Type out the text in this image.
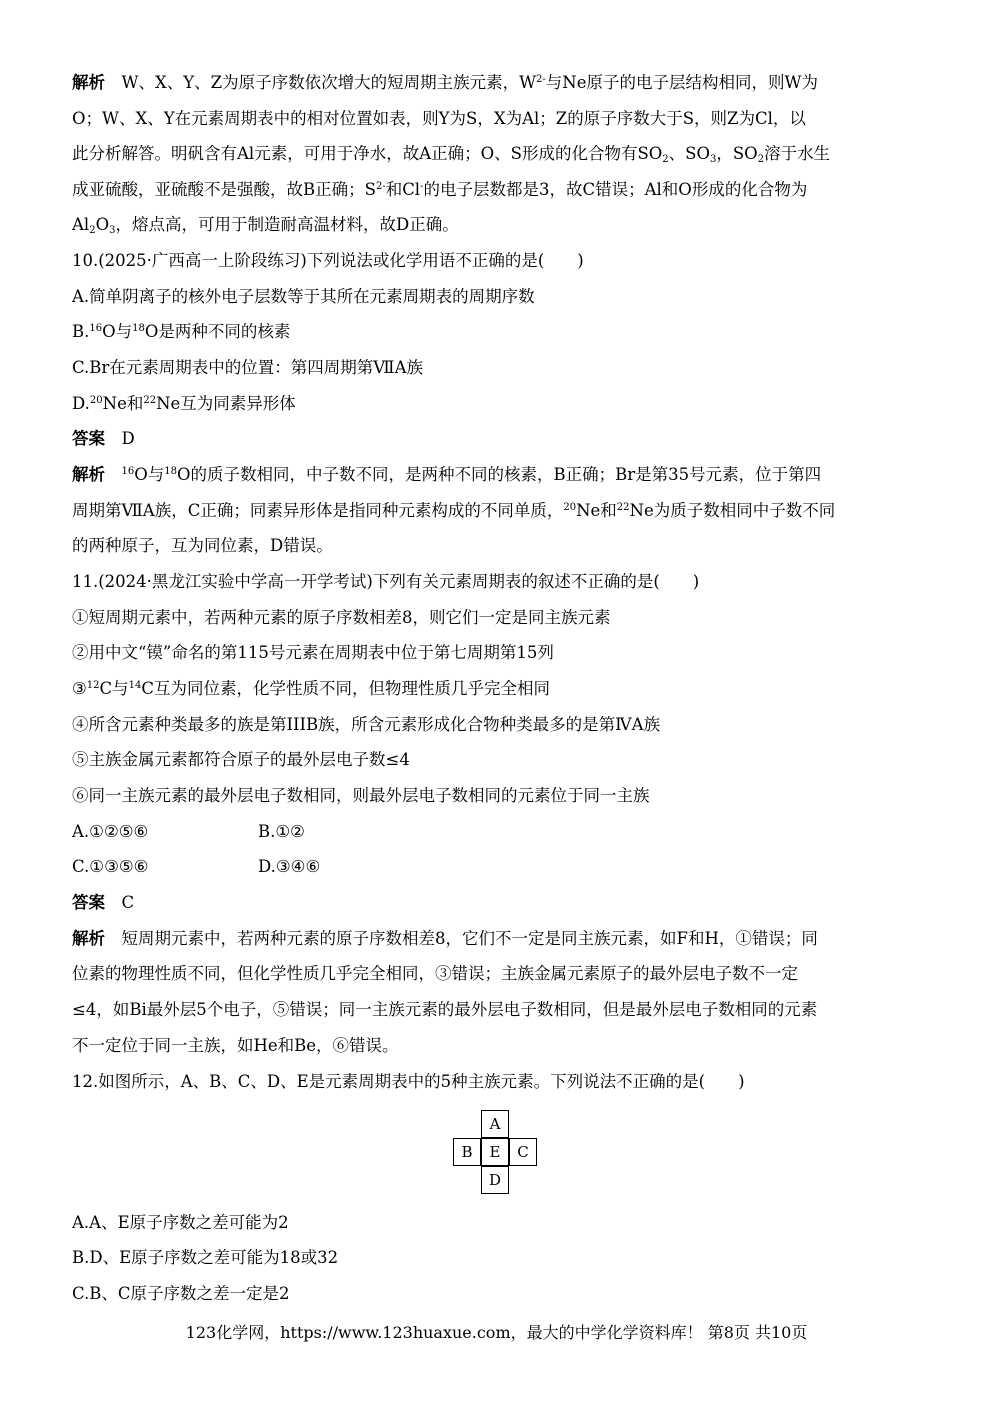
解析　 W、X、Y、Z为原子序数依次增大的短周期主族元素，$W^{2-}$与Ne原子的电子层结构相同，则W为
O；W、X、Y在元素周期表中的相对位置如表，则Y为S，X为Al；Z的原子序数大于S，则Z为Cl，以
此分析解答。明矾含有Al元素，可用于净水，故A正确；O、S形成的化合物有$SO_2$、$SO_3$，$SO_2$溶于水生
成亚硫酸，亚硫酸不是强酸，故B正确；$S^{2-}$和Cl-的电子层数都是3，故C错误；Al和O形成的化合物为
$Al_2O_3$，熔点高，可用于制造耐高温材料，故D正确。
10.(2025·广西高一上阶段练习)下列说法或化学用语不正确的是(　　)
A.简单阴离子的核外电子层数等于其所在元素周期表的周期序数
B.$^{16}$O与$^{18}$O是两种不同的核素
C.Br在元素周期表中的位置：第四周期第ⅦA族
D.$^{20}$Ne和$^{22}$Ne互为同素异形体
答案　 D
解析　 $^{16}$O与$^{18}$O的质子数相同，中子数不同，是两种不同的核素，B正确；Br是第35号元素，位于第四
周期第ⅦA族，C正确；同素异形体是指同种元素构成的不同单质，$^{20}$Ne和$^{22}$Ne为质子数相同中子数不同
的两种原子，互为同位素，D错误。
11.(2024·黑龙江实验中学高一开学考试)下列有关元素周期表的叙述不正确的是(　　)
①短周期元素中，若两种元素的原子序数相差8，则它们一定是同主族元素
②用中文“镆”命名的第115号元素在周期表中位于第七周期第15列
③$^{12}$C与$^{14}$C互为同位素，化学性质不同，但物理性质几乎完全相同
④所含元素种类最多的族是第IIIB族，所含元素形成化合物种类最多的是第ⅣA族
⑤主族金属元素都符合原子的最外层电子数≤4
⑥同一主族元素的最外层电子数相同，则最外层电子数相同的元素位于同一主族
A.①②⑤⑥	B.①②
C.①③⑤⑥	D.③④⑥
答案　 C
解析　 短周期元素中，若两种元素的原子序数相差8，它们不一定是同主族元素，如F和H，①错误；同
位素的物理性质不同，但化学性质几乎完全相同，③错误；主族金属元素原子的最外层电子数不一定
≤4，如Bi最外层5个电子，⑤错误；同一主族元素的最外层电子数相同，但是最外层电子数相同的元素
不一定位于同一主族，如He和Be，⑥错误。
12.如图所示，A、B、C、D、E是元素周期表中的5种主族元素。下列说法不正确的是(　　)
A
B	E	C
D
A.A、E原子序数之差可能为2
B.D、E原子序数之差可能为18或32
C.B、C原子序数之差一定是2
123化学网，https://www.123huaxue.com，最大的中学化学资料库！ 第8页 共10页
